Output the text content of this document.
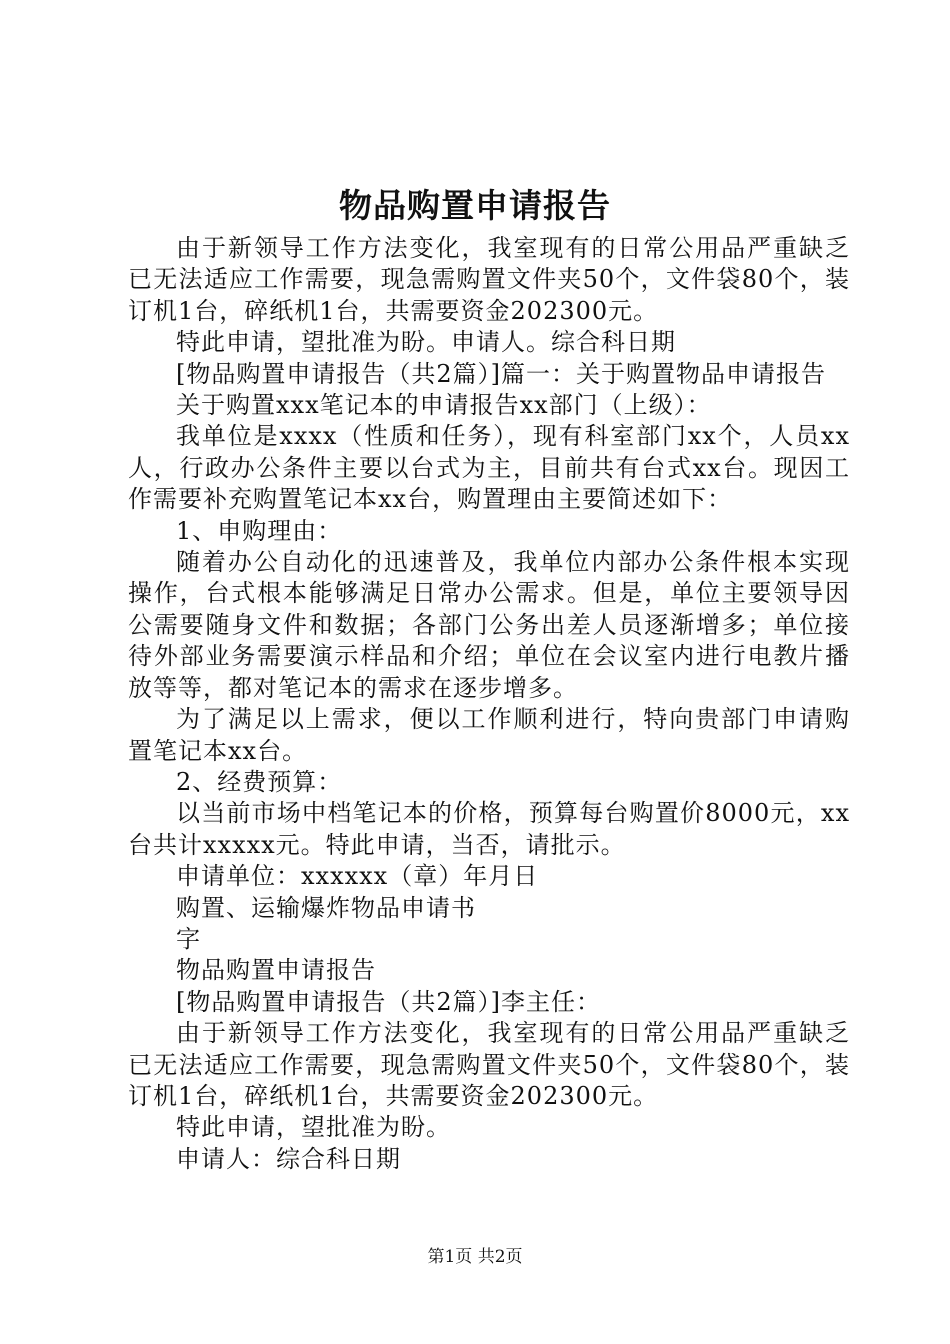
物品购置申请报告

由于新领导工作方法变化，我室现有的日常公用品严重缺乏已无法适应工作需要，现急需购置文件夹50个，文件袋80个，装订机1台，碎纸机1台，共需要资金202300元。

特此申请，望批准为盼。申请人。综合科日期

[物品购置申请报告（共2篇）]篇一：关于购置物品申请报告

关于购置xxx笔记本的申请报告xx部门（上级）：

我单位是xxxx（性质和任务），现有科室部门xx个，人员xx人，行政办公条件主要以台式为主，目前共有台式xx台。现因工作需要补充购置笔记本xx台，购置理由主要简述如下：

1、申购理由：

随着办公自动化的迅速普及，我单位内部办公条件根本实现操作，台式根本能够满足日常办公需求。但是，单位主要领导因公需要随身文件和数据；各部门公务出差人员逐渐增多；单位接待外部业务需要演示样品和介绍；单位在会议室内进行电教片播放等等，都对笔记本的需求在逐步增多。

为了满足以上需求，便以工作顺利进行，特向贵部门申请购置笔记本xx台。

2、经费预算：

以当前市场中档笔记本的价格，预算每台购置价8000元，xx台共计xxxxx元。特此申请，当否，请批示。

申请单位：xxxxxx（章）年月日

购置、运输爆炸物品申请书

字

物品购置申请报告

[物品购置申请报告（共2篇）]李主任：

由于新领导工作方法变化，我室现有的日常公用品严重缺乏已无法适应工作需要，现急需购置文件夹50个，文件袋80个，装订机1台，碎纸机1台，共需要资金202300元。

特此申请，望批准为盼。

申请人：综合科日期

第1页 共2页
